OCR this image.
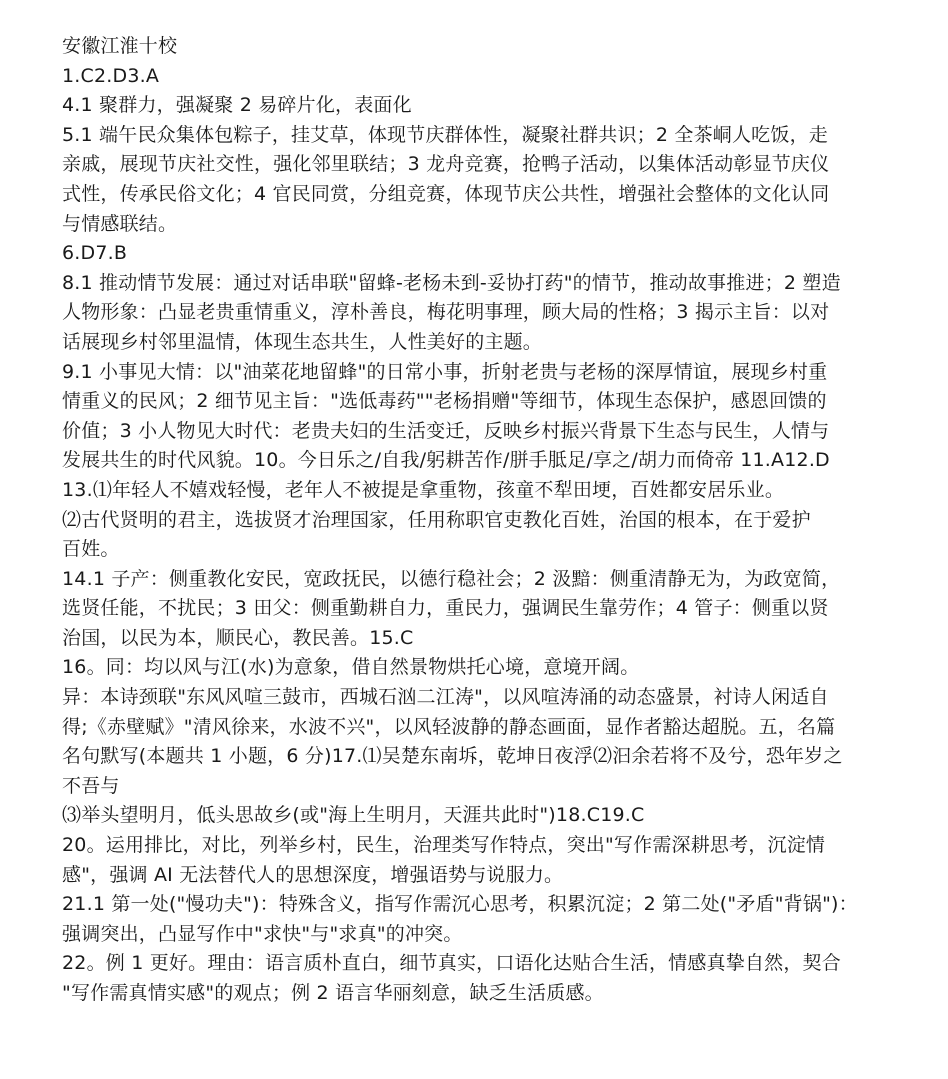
安徽江淮十校
1.C2.D3.A
4.1 聚群力，强凝聚 2 易碎片化，表面化
5.1 端午民众集体包粽子，挂艾草，体现节庆群体性，凝聚社群共识；2 全茶峒人吃饭，走
亲戚，展现节庆社交性，强化邻里联结；3 龙舟竞赛，抢鸭子活动，以集体活动彰显节庆仪
式性，传承民俗文化；4 官民同赏，分组竞赛，体现节庆公共性，增强社会整体的文化认同
与情感联结。
6.D7.B
8.1 推动情节发展：通过对话串联"留蜂-老杨未到-妥协打药"的情节，推动故事推进；2 塑造
人物形象：凸显老贵重情重义，淳朴善良，梅花明事理，顾大局的性格；3 揭示主旨：以对
话展现乡村邻里温情，体现生态共生，人性美好的主题。
9.1 小事见大情：以"油菜花地留蜂"的日常小事，折射老贵与老杨的深厚情谊，展现乡村重
情重义的民风；2 细节见主旨："选低毒药""老杨捐赠"等细节，体现生态保护，感恩回馈的
价值；3 小人物见大时代：老贵夫妇的生活变迁，反映乡村振兴背景下生态与民生，人情与
发展共生的时代风貌。10。今日乐之/自我/躬耕苦作/胼手胝足/享之/胡力而倚帝 11.A12.D
13.⑴年轻人不嬉戏轻慢，老年人不被提是拿重物，孩童不犁田埂，百姓都安居乐业。
⑵古代贤明的君主，选拔贤才治理国家，任用称职官吏教化百姓，治国的根本，在于爱护
百姓。
14.1 子产：侧重教化安民，宽政抚民，以德行稳社会；2 汲黯：侧重清静无为，为政宽简，
选贤任能，不扰民；3 田父：侧重勤耕自力，重民力，强调民生靠劳作；4 管子：侧重以贤
治国，以民为本，顺民心，教民善。15.C
16。同：均以风与江(水)为意象，借自然景物烘托心境，意境开阔。
异：本诗颈联"东风风喧三鼓市，西城石汹二江涛"，以风喧涛涌的动态盛景，衬诗人闲适自
得;《赤壁赋》"清风徐来，水波不兴"，以风轻波静的静态画面，显作者豁达超脱。五，名篇
名句默写(本题共 1 小题，6 分)17.⑴吴楚东南坼，乾坤日夜浮⑵汩余若将不及兮，恐年岁之
不吾与
⑶举头望明月，低头思故乡(或"海上生明月，天涯共此时")18.C19.C
20。运用排比，对比，列举乡村，民生，治理类写作特点，突出"写作需深耕思考，沉淀情
感"，强调 AI 无法替代人的思想深度，增强语势与说服力。
21.1 第一处("慢功夫")：特殊含义，指写作需沉心思考，积累沉淀；2 第二处("矛盾"背锅")：
强调突出，凸显写作中"求快"与"求真"的冲突。
22。例 1 更好。理由：语言质朴直白，细节真实，口语化达贴合生活，情感真挚自然，契合
"写作需真情实感"的观点；例 2 语言华丽刻意，缺乏生活质感。
